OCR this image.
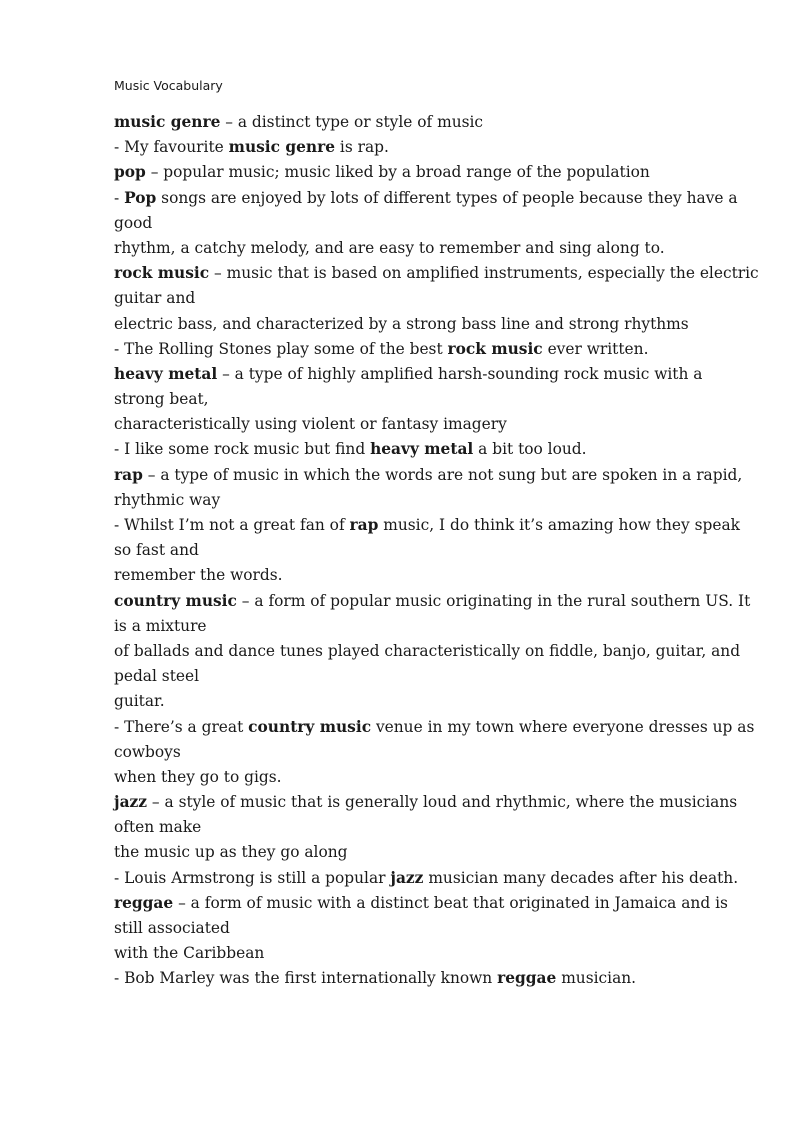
Music Vocabulary
music genre – a distinct type or style of music
- My favourite music genre is rap.
pop – popular music; music liked by a broad range of the population
- Pop songs are enjoyed by lots of different types of people because they have a
good
rhythm, a catchy melody, and are easy to remember and sing along to.
rock music – music that is based on amplified instruments, especially the electric
guitar and
electric bass, and characterized by a strong bass line and strong rhythms
- The Rolling Stones play some of the best rock music ever written.
heavy metal – a type of highly amplified harsh-sounding rock music with a
strong beat,
characteristically using violent or fantasy imagery
- I like some rock music but find heavy metal a bit too loud.
rap – a type of music in which the words are not sung but are spoken in a rapid,
rhythmic way
- Whilst I’m not a great fan of rap music, I do think it’s amazing how they speak
so fast and
remember the words.
country music – a form of popular music originating in the rural southern US. It
is a mixture
of ballads and dance tunes played characteristically on fiddle, banjo, guitar, and
pedal steel
guitar.
- There’s a great country music venue in my town where everyone dresses up as
cowboys
when they go to gigs.
jazz – a style of music that is generally loud and rhythmic, where the musicians
often make
the music up as they go along
- Louis Armstrong is still a popular jazz musician many decades after his death.
reggae – a form of music with a distinct beat that originated in Jamaica and is
still associated
with the Caribbean
- Bob Marley was the first internationally known reggae musician.
